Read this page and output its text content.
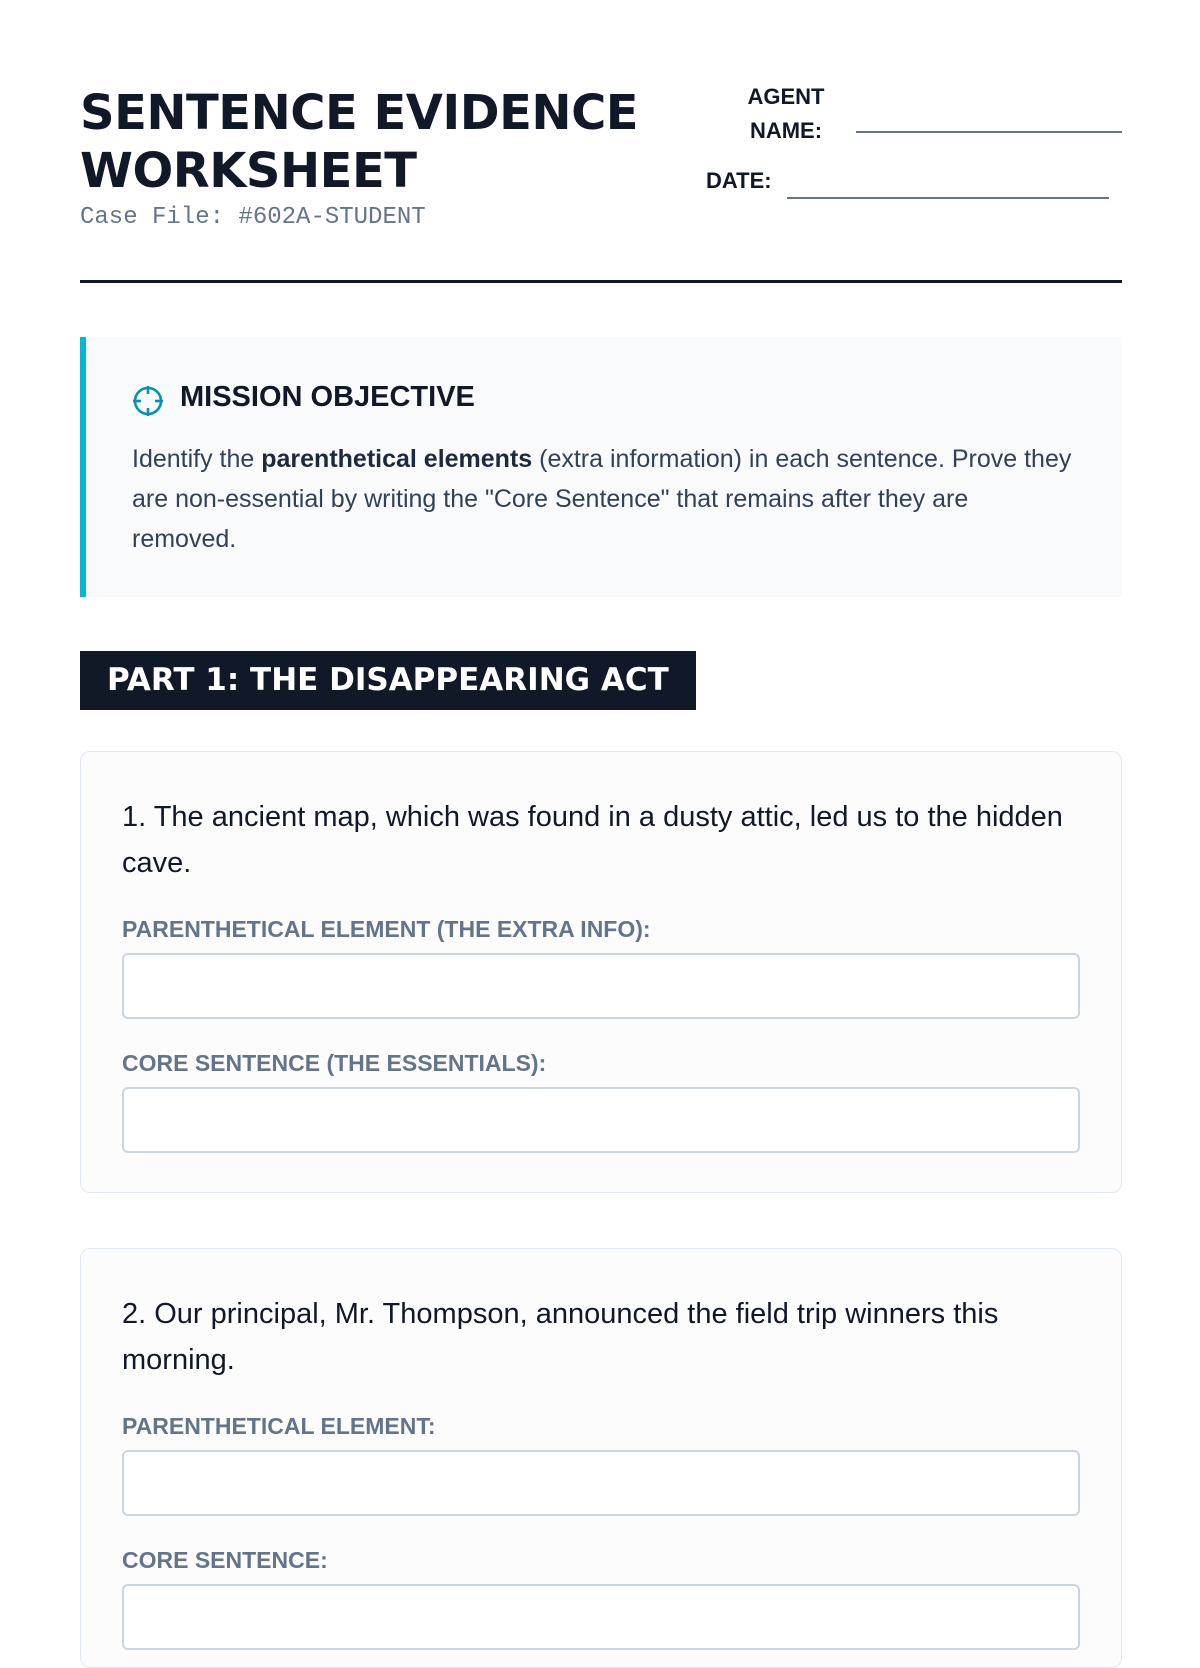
SENTENCE EVIDENCE
WORKSHEET
Case File: #602A-STUDENT
AGENT
NAME:
DATE:
MISSION OBJECTIVE
Identify the parenthetical elements (extra information) in each sentence. Prove they are non-essential by writing the "Core Sentence" that remains after they are removed.
PART 1: THE DISAPPEARING ACT
1. The ancient map, which was found in a dusty attic, led us to the hidden cave.
PARENTHETICAL ELEMENT (THE EXTRA INFO):
CORE SENTENCE (THE ESSENTIALS):
2. Our principal, Mr. Thompson, announced the field trip winners this morning.
PARENTHETICAL ELEMENT:
CORE SENTENCE:
